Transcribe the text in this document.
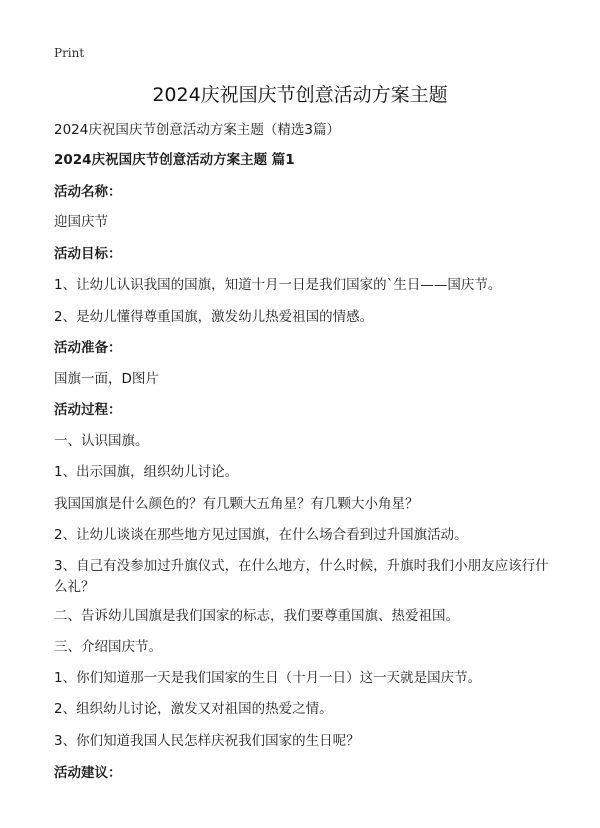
Print
2024庆祝国庆节创意活动方案主题
2024庆祝国庆节创意活动方案主题（精选3篇）
2024庆祝国庆节创意活动方案主题 篇1
活动名称：
迎国庆节
活动目标：
1、让幼儿认识我国的国旗，知道十月一日是我们国家的`生日——国庆节。
2、是幼儿懂得尊重国旗，激发幼儿热爱祖国的情感。
活动准备：
国旗一面，D图片
活动过程：
一、认识国旗。
1、出示国旗，组织幼儿讨论。
我国国旗是什么颜色的？有几颗大五角星？有几颗大小角星？
2、让幼儿谈谈在那些地方见过国旗，在什么场合看到过升国旗活动。
3、自己有没参加过升旗仪式，在什么地方，什么时候，升旗时我们小朋友应该行什么礼？
二、告诉幼儿国旗是我们国家的标志，我们要尊重国旗、热爱祖国。
三、介绍国庆节。
1、你们知道那一天是我们国家的生日（十月一日）这一天就是国庆节。
2、组织幼儿讨论，激发又对祖国的热爱之情。
3、你们知道我国人民怎样庆祝我们国家的生日呢？
活动建议：
